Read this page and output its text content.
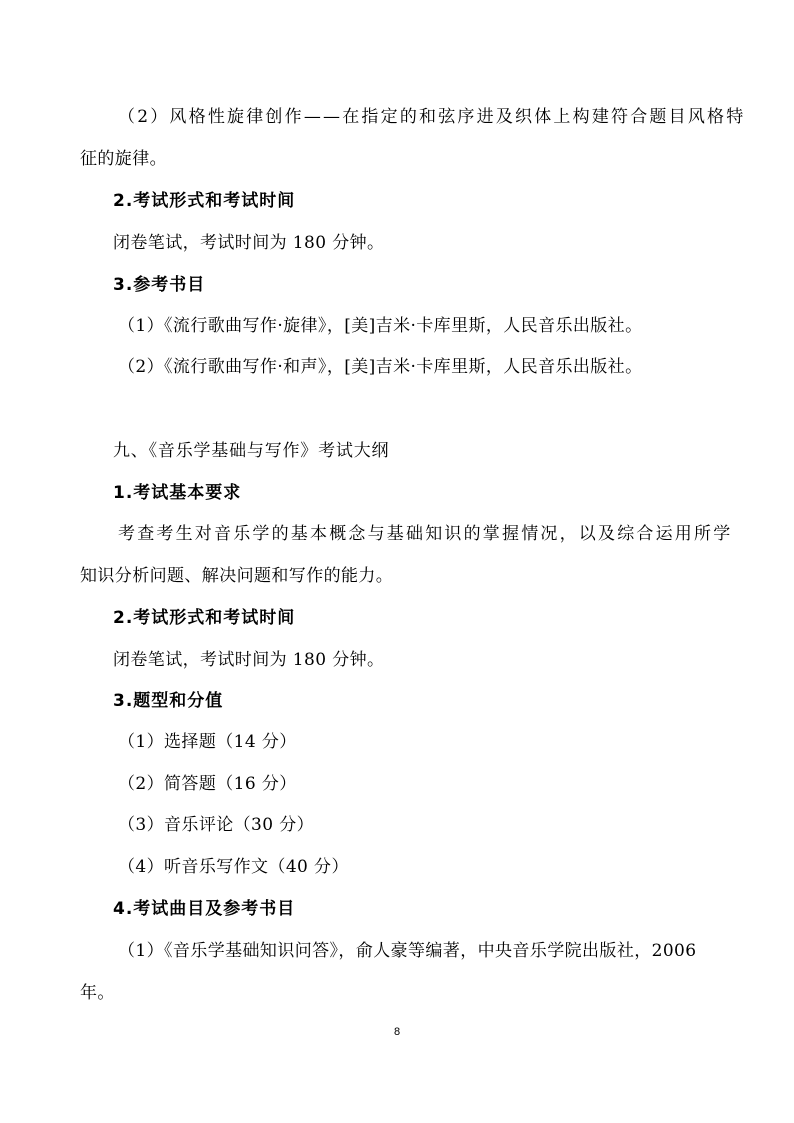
（2）风格性旋律创作——在指定的和弦序进及织体上构建符合题目风格特
征的旋律。
2.考试形式和考试时间
闭卷笔试，考试时间为 180 分钟。
3.参考书目
（1）《流行歌曲写作·旋律》，[美]吉米·卡库里斯，人民音乐出版社。
（2）《流行歌曲写作·和声》，[美]吉米·卡库里斯，人民音乐出版社。
九、《音乐学基础与写作》考试大纲
1.考试基本要求
考查考生对音乐学的基本概念与基础知识的掌握情况，以及综合运用所学
知识分析问题、解决问题和写作的能力。
2.考试形式和考试时间
闭卷笔试，考试时间为 180 分钟。
3.题型和分值
（1）选择题（14 分）
（2）简答题（16 分）
（3）音乐评论（30 分）
（4）听音乐写作文（40 分）
4.考试曲目及参考书目
（1）《音乐学基础知识问答》，俞人豪等编著，中央音乐学院出版社，2006
年。
8
